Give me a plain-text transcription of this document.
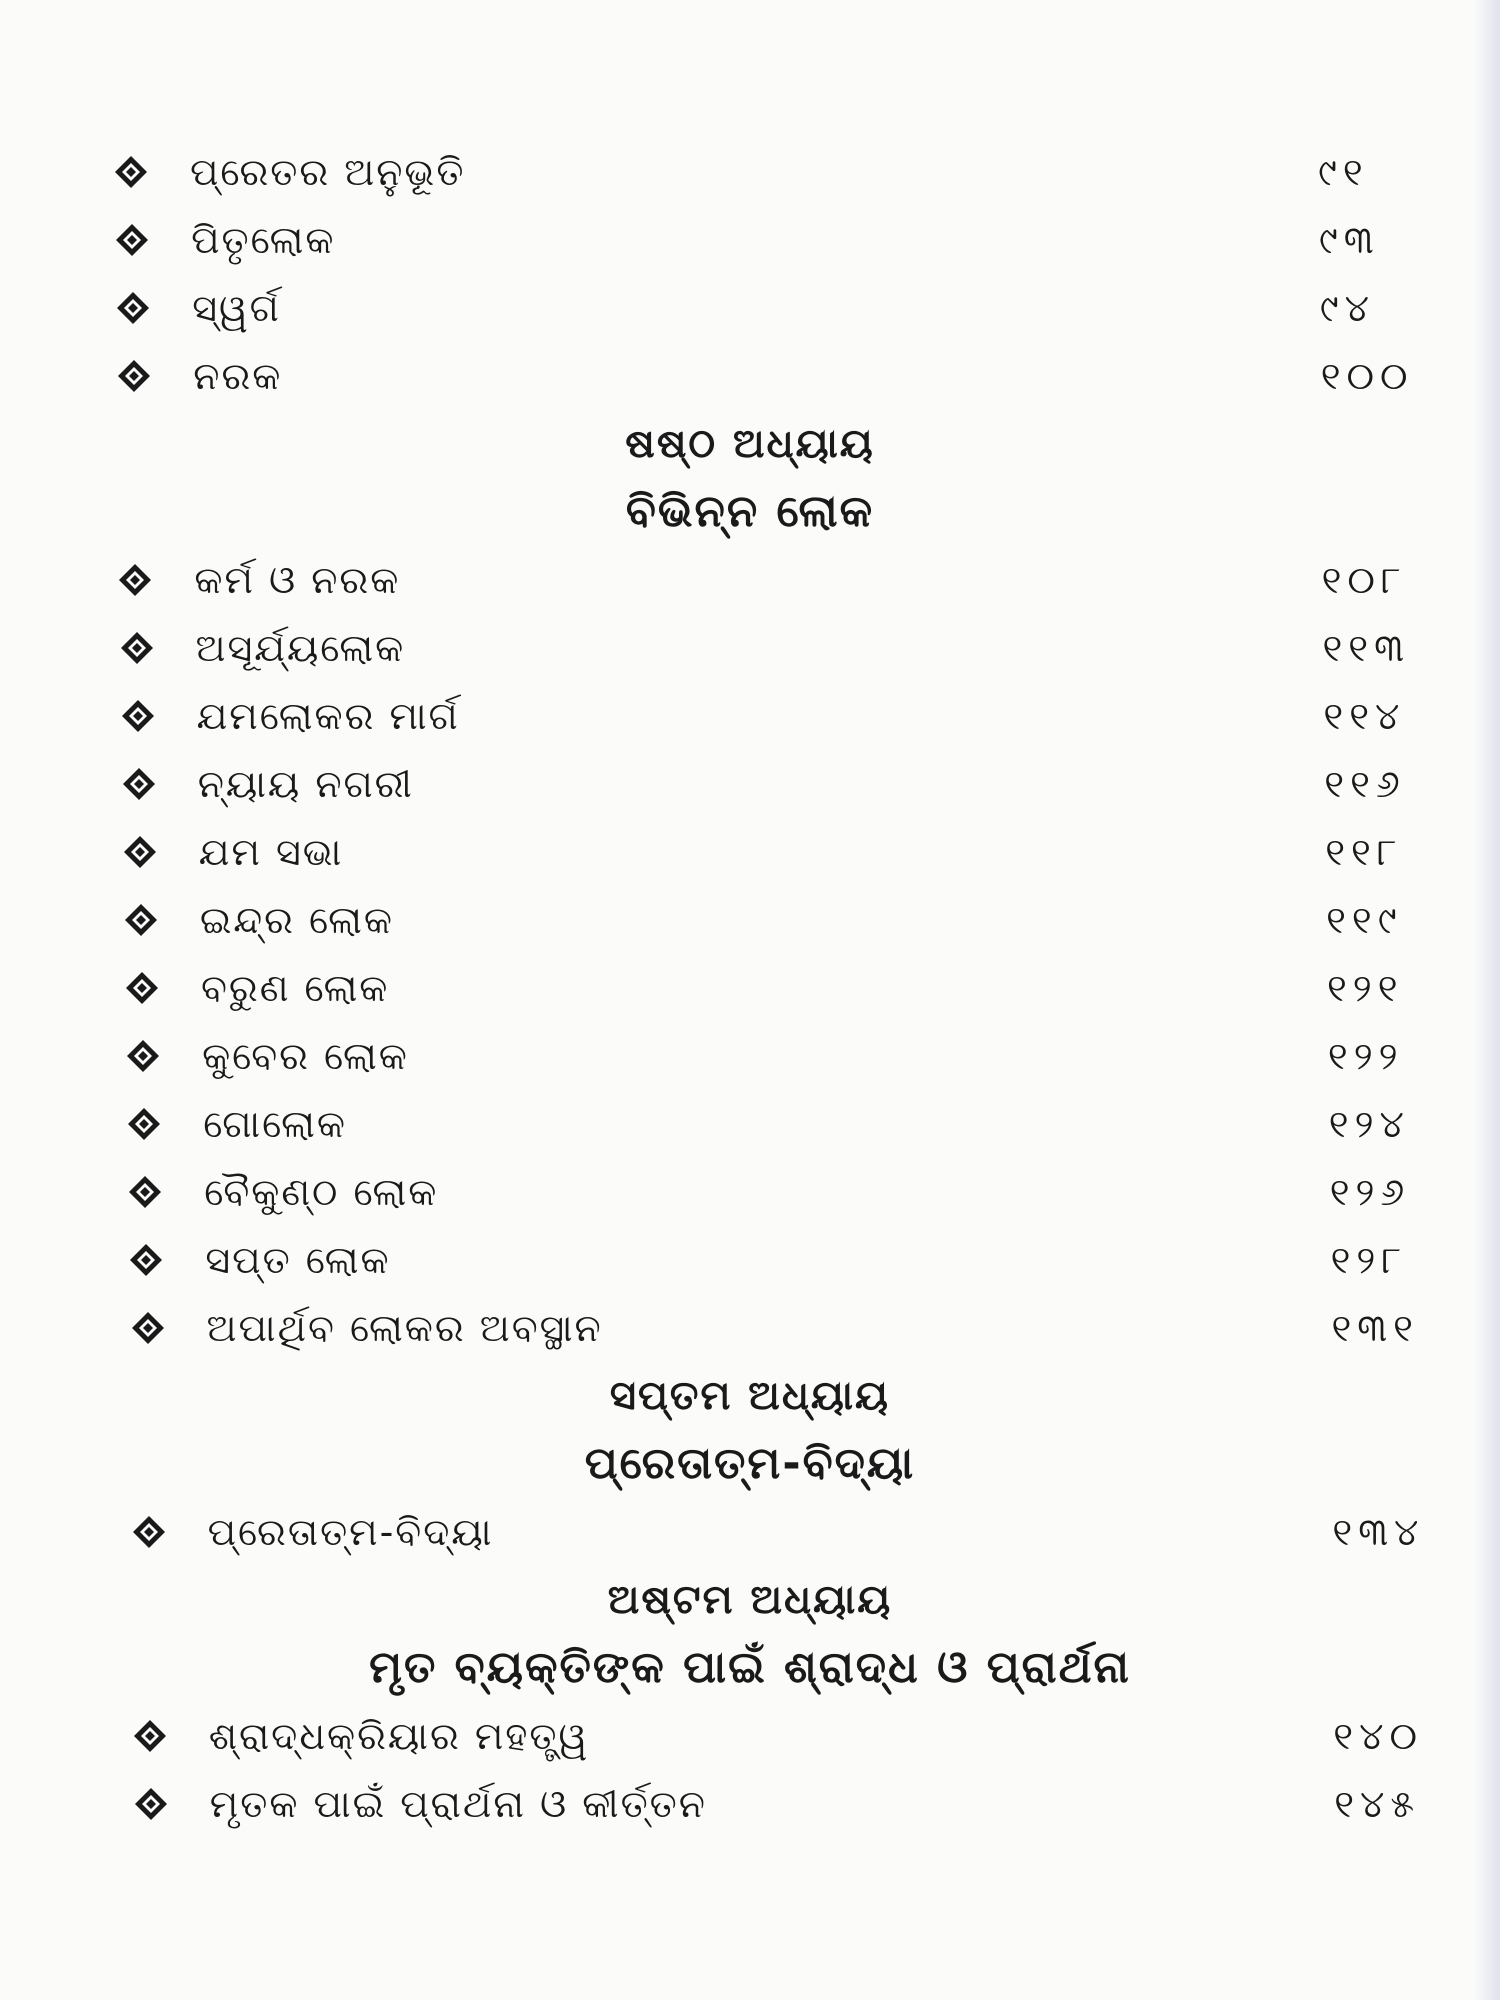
ପ୍ରେତର ଅନୁଭୂତି	୯୧
ପିତୃଲୋକ	୯୩
ସ୍ୱର୍ଗ	୯୪
ନରକ	୧୦୦
ଷଷ୍ଠ ଅଧ୍ୟାୟ
ବିଭିନ୍ନ ଲୋକ
କର୍ମ ଓ ନରକ	୧୦୮
ଅସୂର୍ଯ୍ୟଲୋକ	୧୧୩
ଯମଲୋକର ମାର୍ଗ	୧୧୪
ନ୍ୟାୟ ନଗରୀ	୧୧୬
ଯମ ସଭା	୧୧୮
ଇନ୍ଦ୍ର ଲୋକ	୧୧୯
ବରୁଣ ଲୋକ	୧୨୧
କୁବେର ଲୋକ	୧୨୨
ଗୋଲୋକ	୧୨୪
ବୈକୁଣ୍ଠ ଲୋକ	୧୨୬
ସପ୍ତ ଲୋକ	୧୨୮
ଅପାର୍ଥିବ ଲୋକର ଅବସ୍ଥାନ	୧୩୧
ସପ୍ତମ ଅଧ୍ୟାୟ
ପ୍ରେତାତ୍ମ-ବିଦ୍ୟା
ପ୍ରେତାତ୍ମ-ବିଦ୍ୟା	୧୩୪
ଅଷ୍ଟମ ଅଧ୍ୟାୟ
ମୃତ ବ୍ୟକ୍ତିଙ୍କ ପାଇଁ ଶ୍ରାଦ୍ଧ ଓ ପ୍ରାର୍ଥନା
ଶ୍ରାଦ୍ଧକ୍ରିୟାର ମହତ୍ତ୍ୱ	୧୪୦
ମୃତକ ପାଇଁ ପ୍ରାର୍ଥନା ଓ କୀର୍ତ୍ତନ	୧୪୫
